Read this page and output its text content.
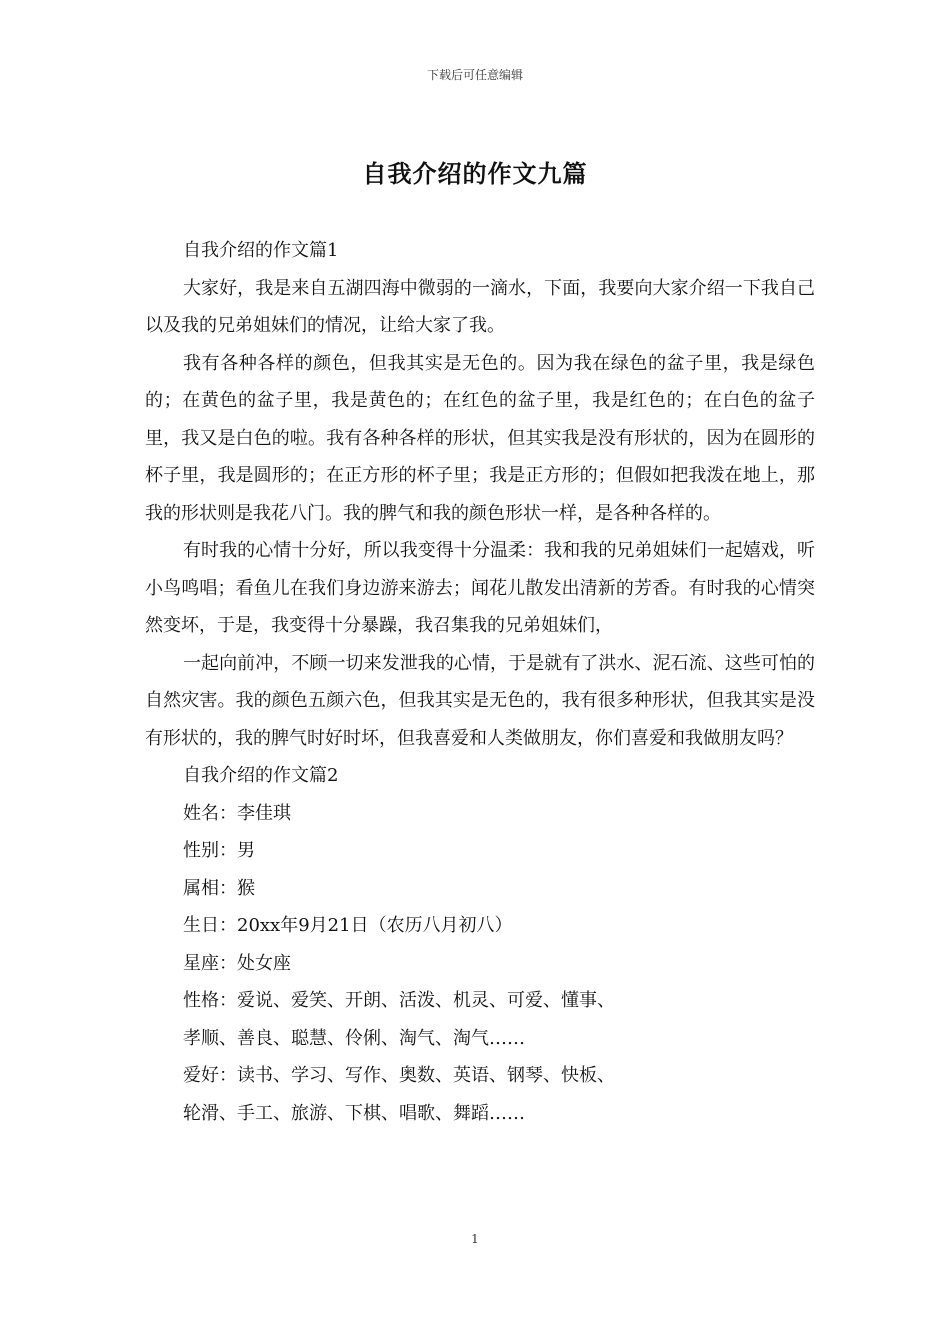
下载后可任意编辑
自我介绍的作文九篇

自我介绍的作文篇1

大家好，我是来自五湖四海中微弱的一滴水，下面，我要向大家介绍一下我自己以及我的兄弟姐妹们的情况，让给大家了我。

我有各种各样的颜色，但我其实是无色的。因为我在绿色的盆子里，我是绿色的；在黄色的盆子里，我是黄色的；在红色的盆子里，我是红色的；在白色的盆子里，我又是白色的啦。我有各种各样的形状，但其实我是没有形状的，因为在圆形的杯子里，我是圆形的；在正方形的杯子里；我是正方形的；但假如把我泼在地上，那我的形状则是我花八门。我的脾气和我的颜色形状一样，是各种各样的。

有时我的心情十分好，所以我变得十分温柔：我和我的兄弟姐妹们一起嬉戏，听小鸟鸣唱；看鱼儿在我们身边游来游去；闻花儿散发出清新的芳香。有时我的心情突然变坏，于是，我变得十分暴躁，我召集我的兄弟姐妹们，

一起向前冲，不顾一切来发泄我的心情，于是就有了洪水、泥石流、这些可怕的自然灾害。我的颜色五颜六色，但我其实是无色的，我有很多种形状，但我其实是没有形状的，我的脾气时好时坏，但我喜爱和人类做朋友，你们喜爱和我做朋友吗？

自我介绍的作文篇2

姓名：李佳琪

性别：男

属相：猴

生日：20xx年9月21日（农历八月初八）

星座：处女座

性格：爱说、爱笑、开朗、活泼、机灵、可爱、懂事、

孝顺、善良、聪慧、伶俐、淘气、淘气……

爱好：读书、学习、写作、奥数、英语、钢琴、快板、

轮滑、手工、旅游、下棋、唱歌、舞蹈……

1
